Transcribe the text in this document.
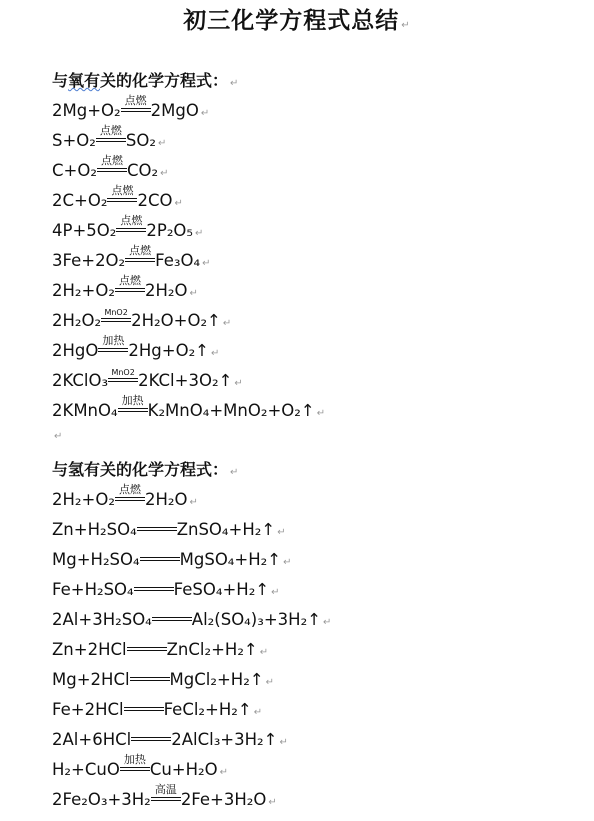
初三化学方程式总结 ↵
与氧有关的化学方程式： ↵
2Mg+O₂
点燃
2MgO ↵
S+O₂
点燃
SO₂ ↵
C+O₂
点燃
CO₂ ↵
2C+O₂
点燃
2CO ↵
4P+5O₂
点燃
2P₂O₅ ↵
3Fe+2O₂
点燃
Fe₃O₄ ↵
2H₂+O₂
点燃
2H₂O ↵
2H₂O₂ MnO2 2H₂O+O₂↑ ↵
2HgO
加热
2Hg+O₂↑ ↵
2KClO₃ MnO2 2KCl+3O₂↑ ↵
2KMnO₄
加热
K₂MnO₄+MnO₂+O₂↑ ↵
与氢有关的化学方程式： ↵
2H₂+O₂
点燃
2H₂O ↵
Zn+H₂SO₄ ZnSO₄+H₂↑ ↵
Mg+H₂SO₄ MgSO₄+H₂↑ ↵
Fe+H₂SO₄ FeSO₄+H₂↑ ↵
2Al+3H₂SO₄ Al₂(SO₄)₃+3H₂↑ ↵
Zn+2HCl ZnCl₂+H₂↑ ↵
Mg+2HCl MgCl₂+H₂↑ ↵
Fe+2HCl FeCl₂+H₂↑ ↵
2Al+6HCl 2AlCl₃+3H₂↑ ↵
H₂+CuO
加热
Cu+H₂O ↵
2Fe₂O₃+3H₂
高温
2Fe+3H₂O ↵
↵
